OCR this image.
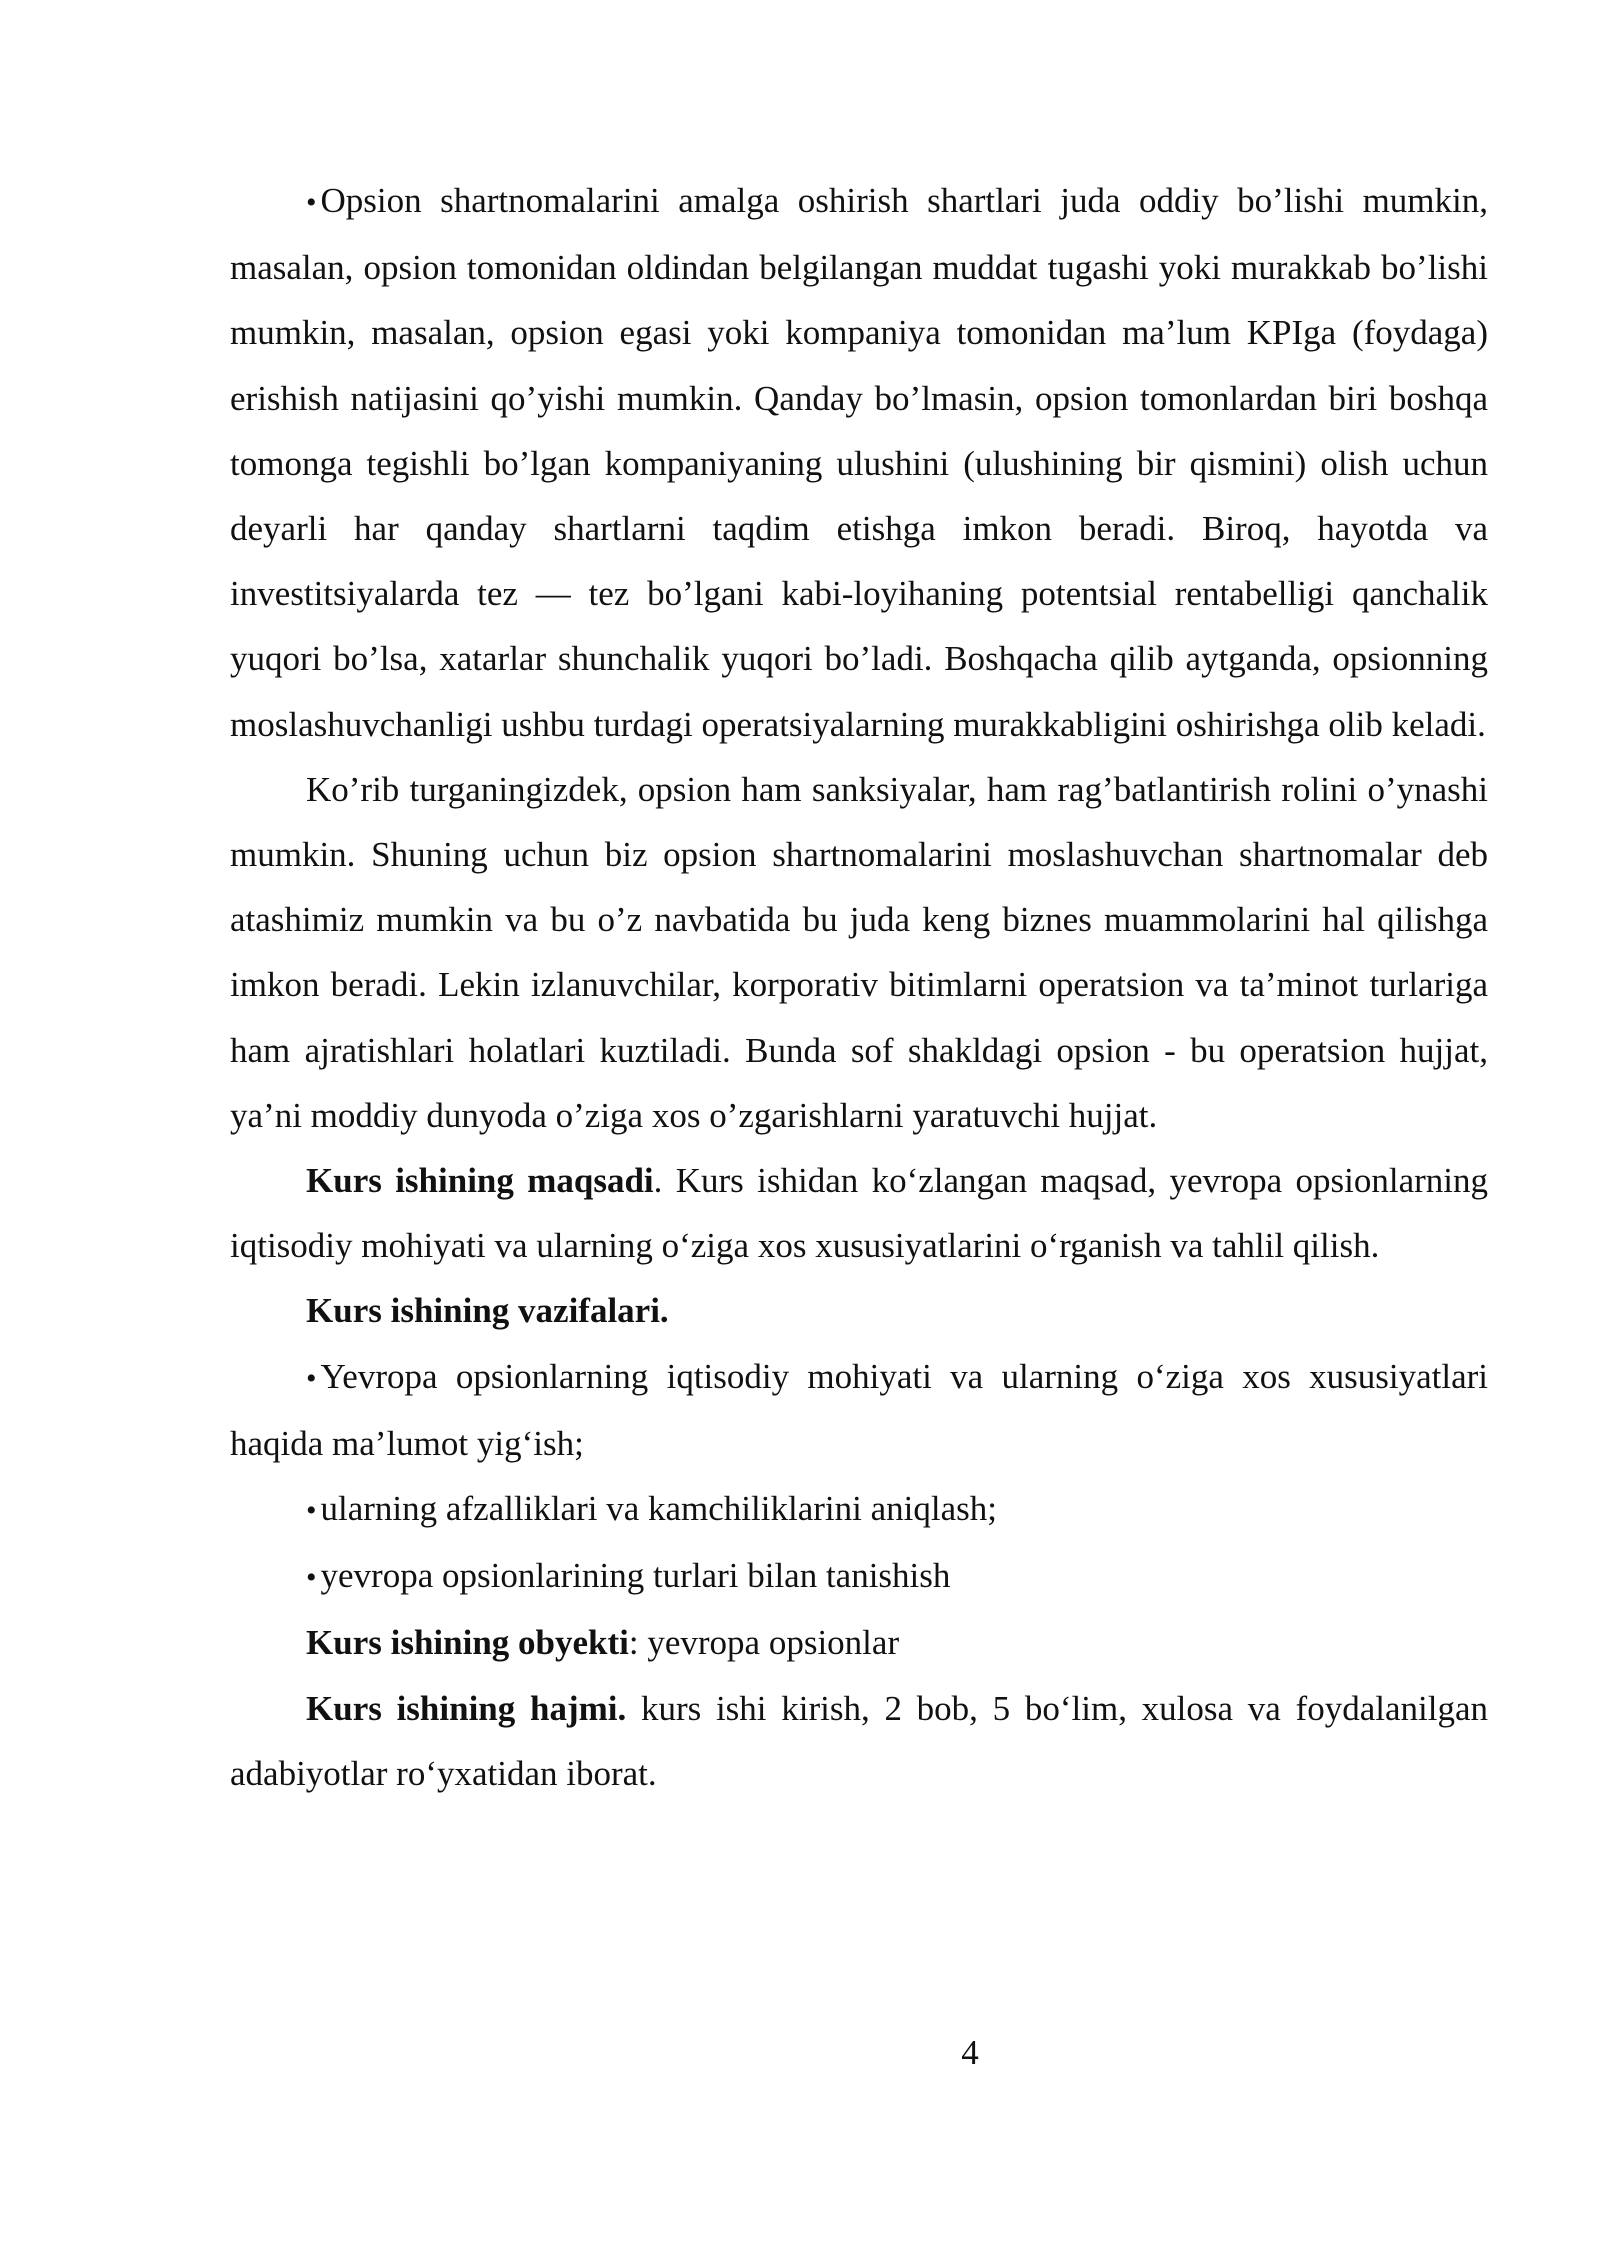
• Opsion shartnomalarini amalga oshirish shartlari juda oddiy bo’lishi mumkin, masalan, opsion tomonidan oldindan belgilangan muddat tugashi yoki murakkab bo’lishi mumkin, masalan, opsion egasi yoki kompaniya tomonidan ma’lum KPIga (foydaga) erishish natijasini qo’yishi mumkin. Qanday bo’lmasin, opsion tomonlardan biri boshqa tomonga tegishli bo’lgan kompaniyaning ulushini (ulushining bir qismini) olish uchun deyarli har qanday shartlarni taqdim etishga imkon beradi. Biroq, hayotda va investitsiyalarda tez — tez bo’lgani kabi-loyihaning potentsial rentabelligi qanchalik yuqori bo’lsa, xatarlar shunchalik yuqori bo’ladi. Boshqacha qilib aytganda, opsionning moslashuvchanligi ushbu turdagi operatsiyalarning murakkabligini oshirishga olib keladi.

Ko’rib turganingizdek, opsion ham sanksiyalar, ham rag’batlantirish rolini o’ynashi mumkin. Shuning uchun biz opsion shartnomalarini moslashuvchan shartnomalar deb atashimiz mumkin va bu o’z navbatida bu juda keng biznes muammolarini hal qilishga imkon beradi. Lekin izlanuvchilar, korporativ bitimlarni operatsion va ta’minot turlariga ham ajratishlari holatlari kuztiladi. Bunda sof shakldagi opsion - bu operatsion hujjat, ya’ni moddiy dunyoda o’ziga xos o’zgarishlarni yaratuvchi hujjat.

Kurs ishining maqsadi. Kurs ishidan ko‘zlangan maqsad, yevropa opsionlarning iqtisodiy mohiyati va ularning o‘ziga xos xususiyatlarini o‘rganish va tahlil qilish.

Kurs ishining vazifalari.

• Yevropa opsionlarning iqtisodiy mohiyati va ularning o‘ziga xos xususiyatlari haqida ma’lumot yig‘ish;

• ularning afzalliklari va kamchiliklarini aniqlash;

• yevropa opsionlarining turlari bilan tanishish

Kurs ishining obyekti: yevropa opsionlar

Kurs ishining hajmi. kurs ishi kirish, 2 bob, 5 bo‘lim, xulosa va foydalanilgan adabiyotlar ro‘yxatidan iborat.

4
